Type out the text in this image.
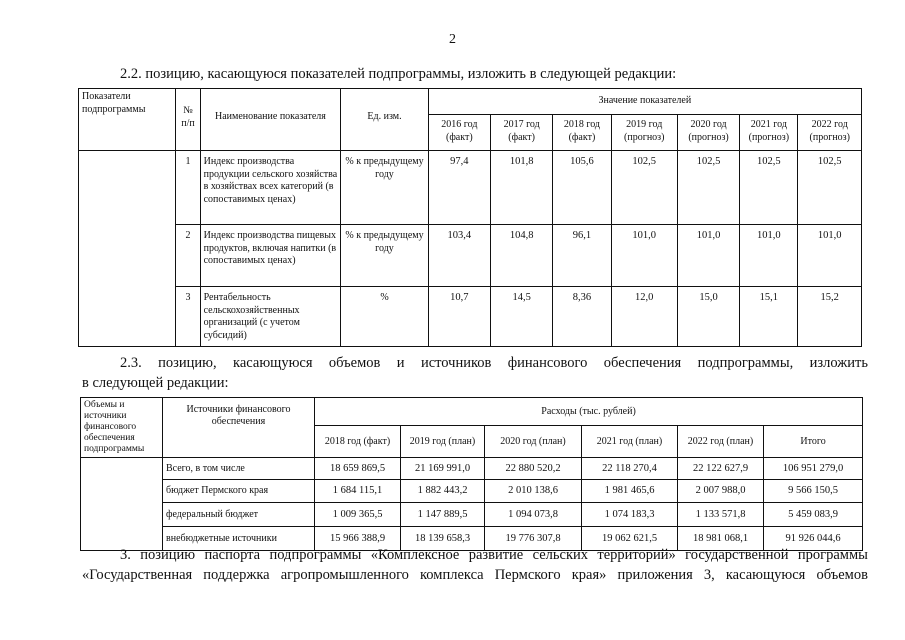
2
2.2. позицию, касающуюся показателей подпрограммы, изложить в следующей редакции:
Показатели подпрограммы	№ п/п	Наименование показателя	Ед. изм.	Значение показателей						
				2016 год (факт)	2017 год (факт)	2018 год (факт)	2019 год (прогноз)	2020 год (прогноз)	2021 год (прогноз)	2022 год (прогноз)
	1	Индекс производства продукции сельского хозяйства в хозяйствах всех категорий (в сопоставимых ценах)	% к предыдущему году	97,4	101,8	105,6	102,5	102,5	102,5	102,5
	2	Индекс производства пищевых продуктов, включая напитки (в сопоставимых ценах)	% к предыдущему году	103,4	104,8	96,1	101,0	101,0	101,0	101,0
	3	Рентабельность сельскохозяйственных организаций (с учетом субсидий)	%	10,7	14,5	8,36	12,0	15,0	15,1	15,2
2.3. позицию, касающуюся объемов и источников финансового обеспечения подпрограммы, изложить
в следующей редакции:
Объемы и источники финансового обеспечения подпрограммы	Источники финансового обеспечения	Расходы (тыс. рублей)					
		2018 год (факт)	2019 год (план)	2020 год (план)	2021 год (план)	2022 год (план)	Итого
	Всего, в том числе	18 659 869,5	21 169 991,0	22 880 520,2	22 118 270,4	22 122 627,9	106 951 279,0
	бюджет Пермского края	1 684 115,1	1 882 443,2	2 010 138,6	1 981 465,6	2 007 988,0	9 566 150,5
	федеральный бюджет	1 009 365,5	1 147 889,5	1 094 073,8	1 074 183,3	1 133 571,8	5 459 083,9
	внебюджетные источники	15 966 388,9	18 139 658,3	19 776 307,8	19 062 621,5	18 981 068,1	91 926 044,6
3. позицию паспорта подпрограммы «Комплексное развитие сельских территорий» государственной программы
«Государственная поддержка агропромышленного комплекса Пермского края» приложения 3, касающуюся объемов
